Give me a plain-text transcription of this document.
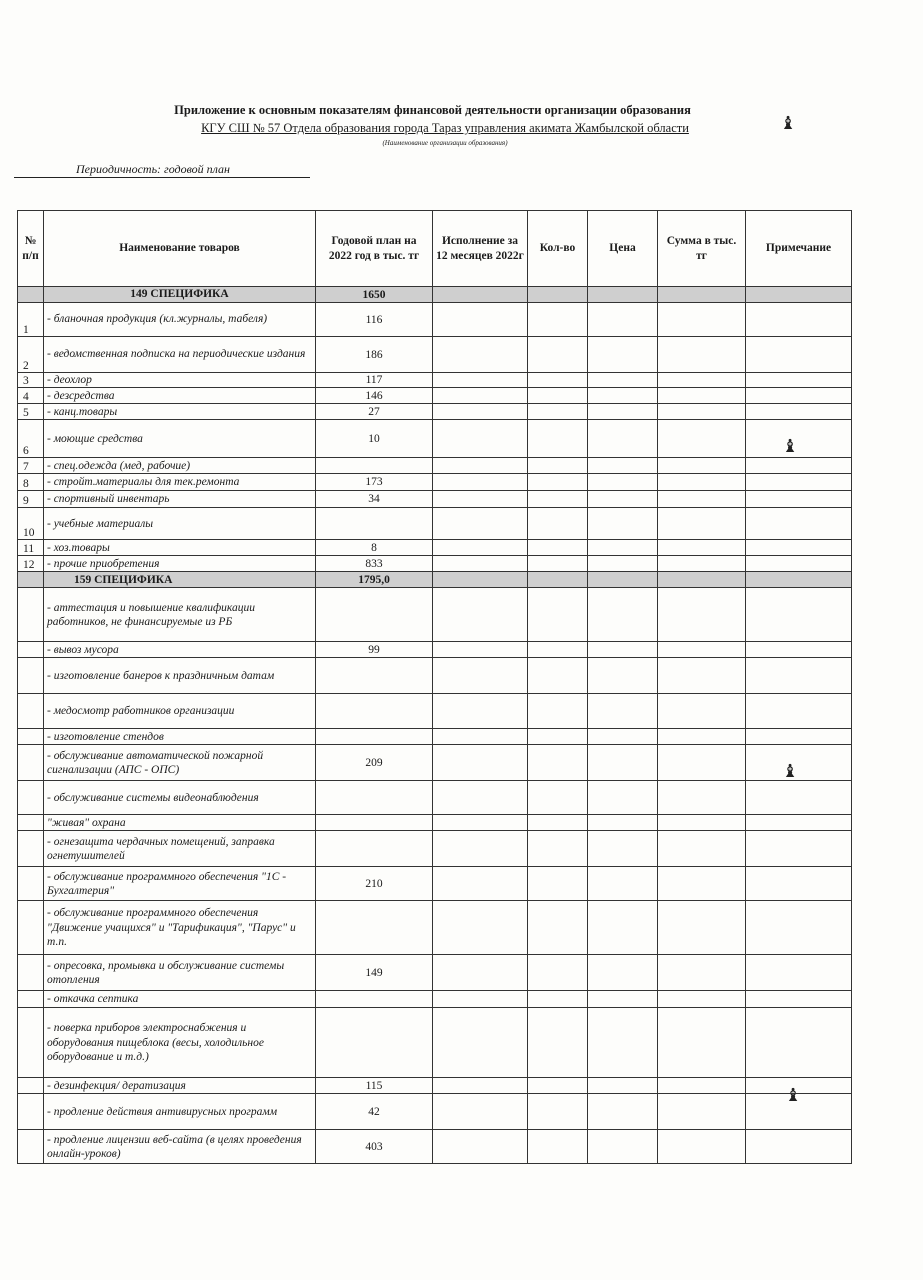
Приложение к основным показателям финансовой деятельности организации образования
КГУ СШ № 57 Отдела образования города Тараз управления акимата Жамбылской области
(Наименование организации образования)
Периодичность: годовой план
♝
♝
♝
♝
№ п/п	Наименование товаров	Годовой план на 2022 год в тыс. тг	Исполнение за 12 месяцев 2022г	Кол-во	Цена	Сумма в тыс. тг	Примечание
	149 СПЕЦИФИКА	1650					
1	- бланочная продукция (кл.журналы, табеля)	116					
2	- ведомственная подписка на периодические издания	186					
3	- деохлор	117					
4	- дезсредства	146					
5	- канц.товары	27					
6	- моющие средства	10					
7	- спец.одежда (мед, рабочие)						
8	- стройт.материалы для тек.ремонта	173					
9	- спортивный инвентарь	34					
10	- учебные материалы						
11	- хоз.товары	8					
12	- прочие приобретения	833					
	159 СПЕЦИФИКА	1795,0					
	- аттестация и повышение квалификации работников, не финансируемые из РБ						
	- вывоз мусора	99					
	- изготовление банеров к праздничным датам						
	- медосмотр работников организации						
	- изготовление стендов						
	- обслуживание автоматической пожарной сигнализации (АПС - ОПС)	209					
	- обслуживание системы видеонаблюдения						
	"живая" охрана						
	- огнезащита чердачных помещений, заправка огнетушителей						
	- обслуживание программного обеспечения "1С - Бухгалтерия"	210					
	- обслуживание программного обеспечения "Движение учащихся" и "Тарификация", "Парус" и т.п.						
	- опресовка, промывка и обслуживание системы отопления	149					
	- откачка септика						
	- поверка приборов электроснабжения и оборудования пищеблока (весы, холодильное оборудование и т.д.)						
	- дезинфекция/ дератизация	115					
	- продление действия антивирусных программ	42					
	- продление лицензии веб-сайта (в целях проведения онлайн-уроков)	403					
